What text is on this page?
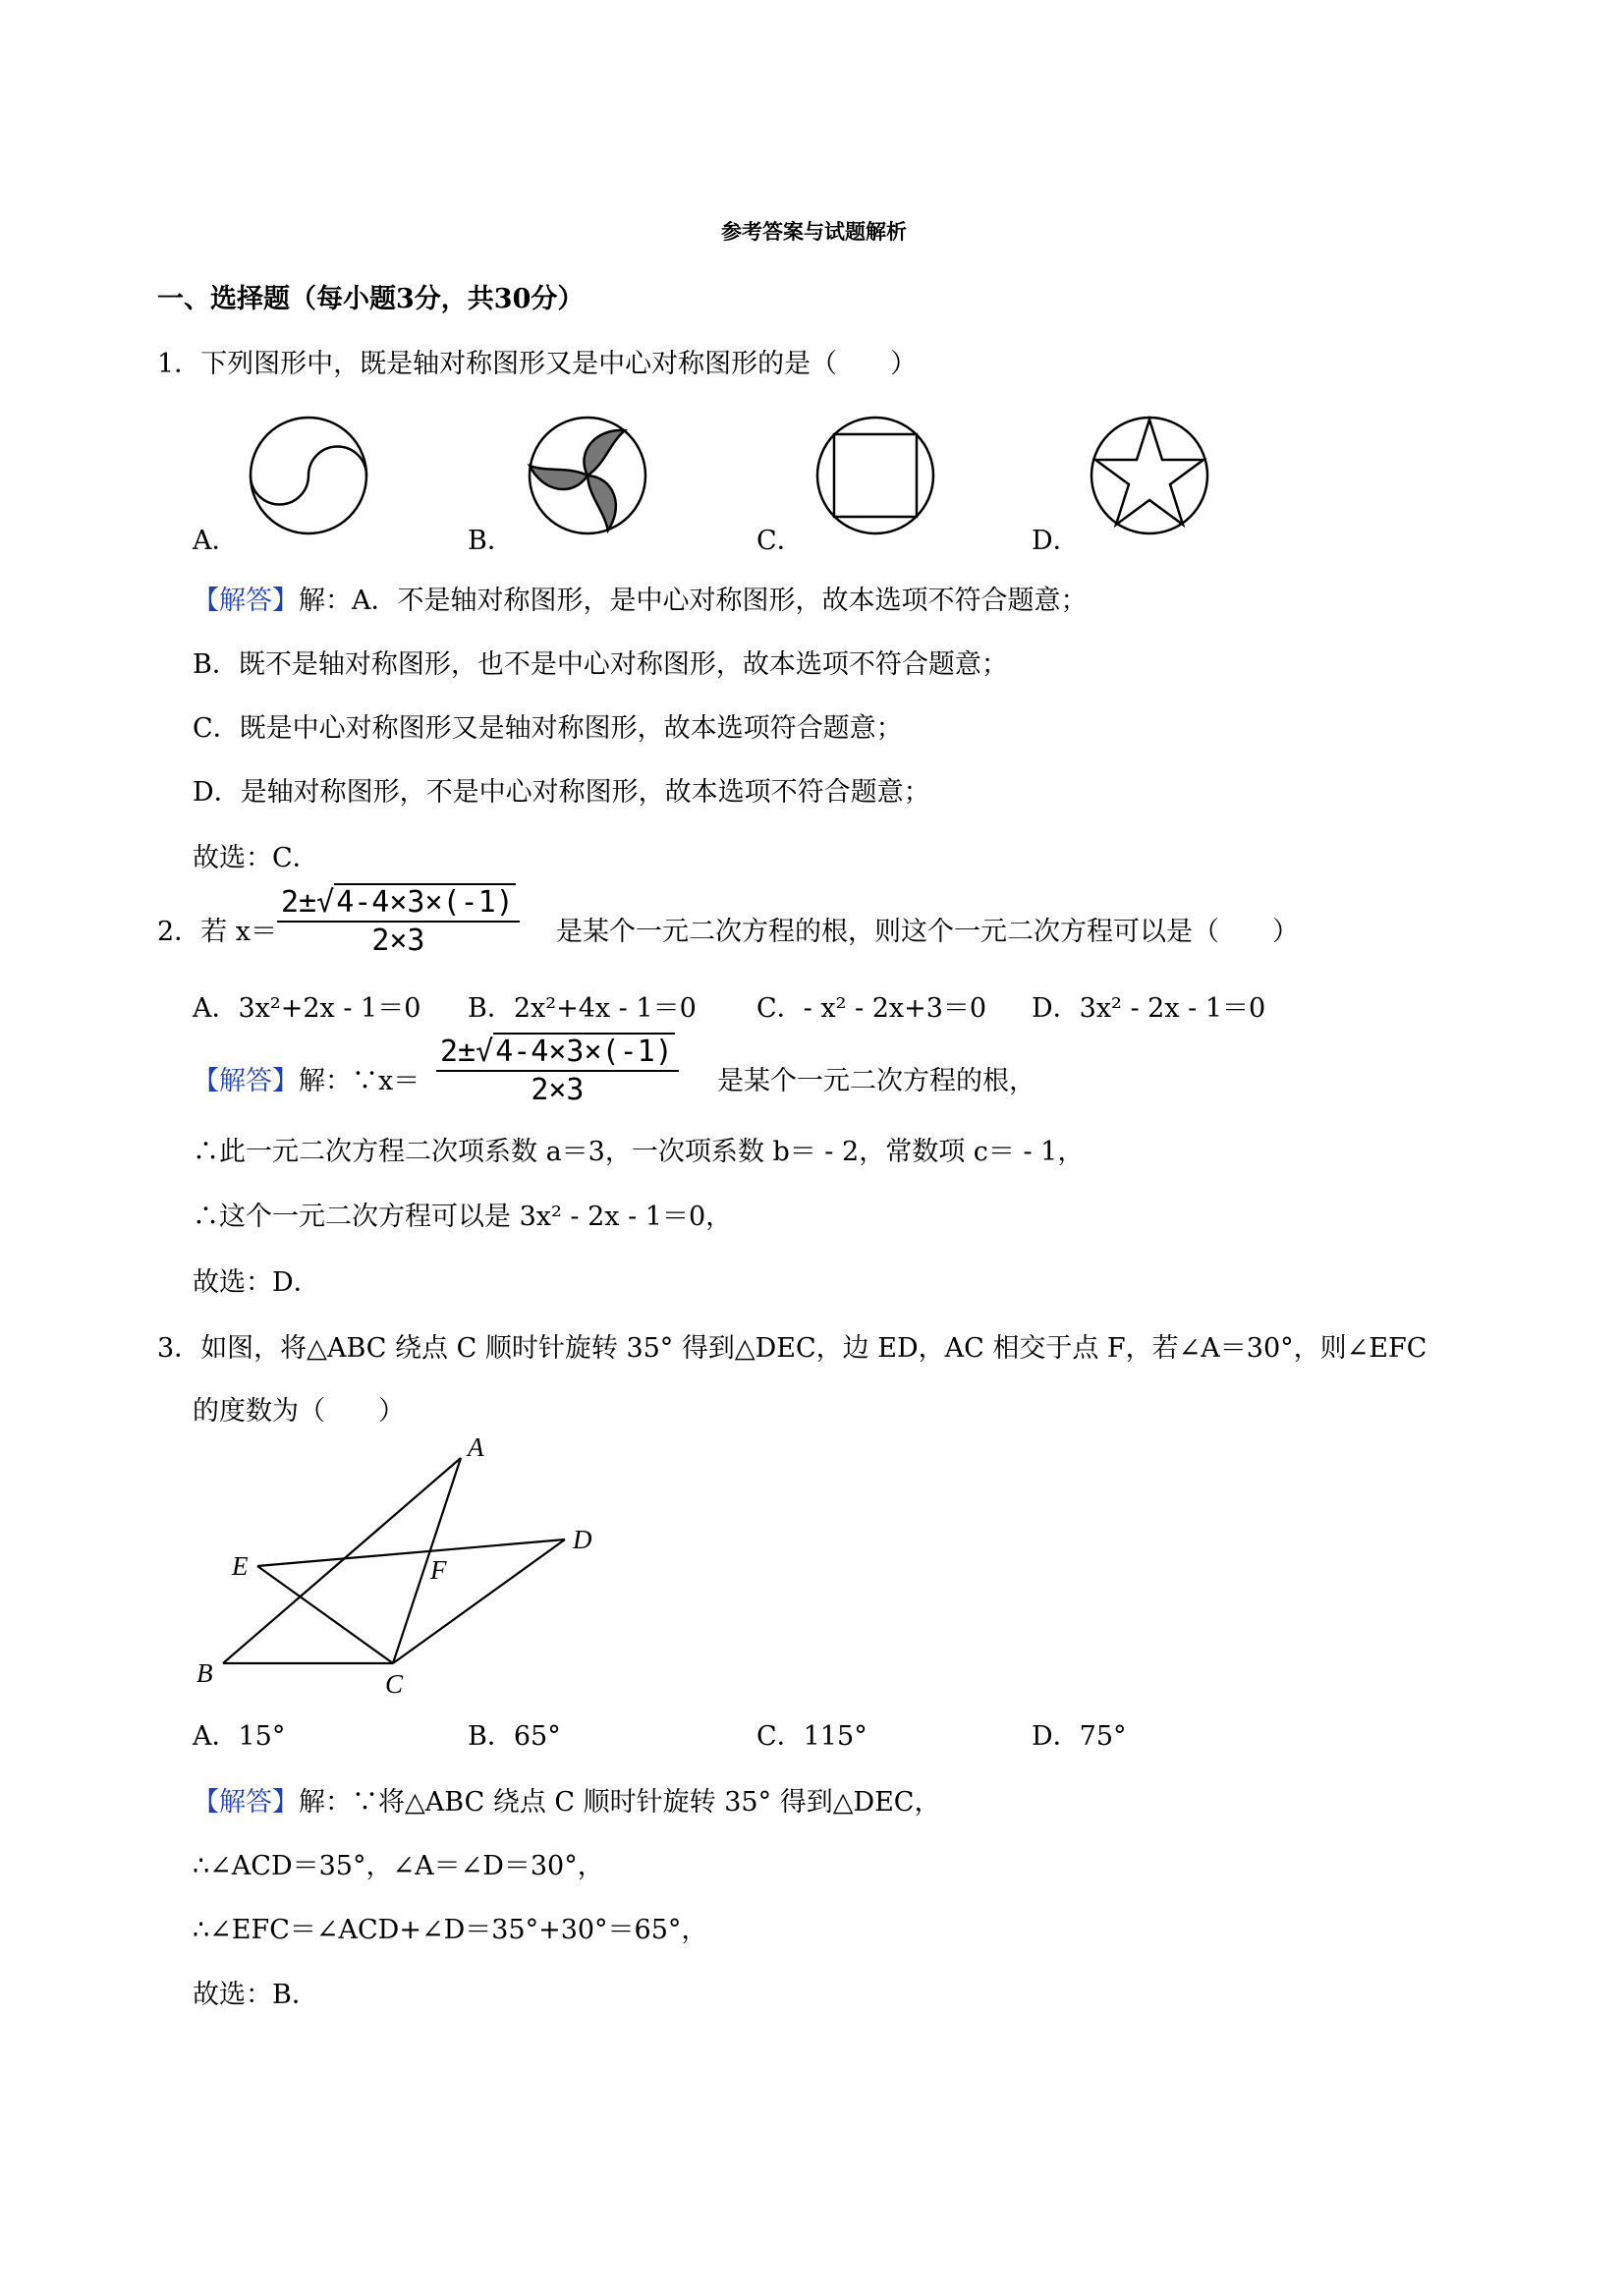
参考答案与试题解析
一、选择题（每小题3分，共30分）
1．下列图形中，既是轴对称图形又是中心对称图形的是（　　）
A．	B．	C．	D．
【解答】解：A．不是轴对称图形，是中心对称图形，故本选项不符合题意；
B．既不是轴对称图形，也不是中心对称图形，故本选项不符合题意；
C．既是中心对称图形又是轴对称图形，故本选项符合题意；
D．是轴对称图形，不是中心对称图形，故本选项不符合题意；
故选：C．
2．若 x＝
2±√4-4×3×(-1)
2×3	是某个一元二次方程的根，则这个一元二次方程可以是（　　）
A．3x²+2x - 1＝0 B．2x²+4x - 1＝0 C．- x² - 2x+3＝0 D．3x² - 2x - 1＝0
【解答】解：∵x＝
2±√4-4×3×(-1)
2×3	是某个一元二次方程的根，
∴此一元二次方程二次项系数 a＝3，一次项系数 b＝ - 2，常数项 c＝ - 1，
∴这个一元二次方程可以是 3x² - 2x - 1＝0，
故选：D．
3．如图，将△ABC 绕点 C 顺时针旋转 35° 得到△DEC，边 ED，AC 相交于点 F，若∠A＝30°，则∠EFC
的度数为（　　）
A
B	C
D
E	F
A．15°	B．65°	C．115°	D．75°
【解答】解：∵将△ABC 绕点 C 顺时针旋转 35° 得到△DEC，
∴∠ACD＝35°，∠A＝∠D＝30°，
∴∠EFC＝∠ACD+∠D＝35°+30°＝65°，
故选：B．
